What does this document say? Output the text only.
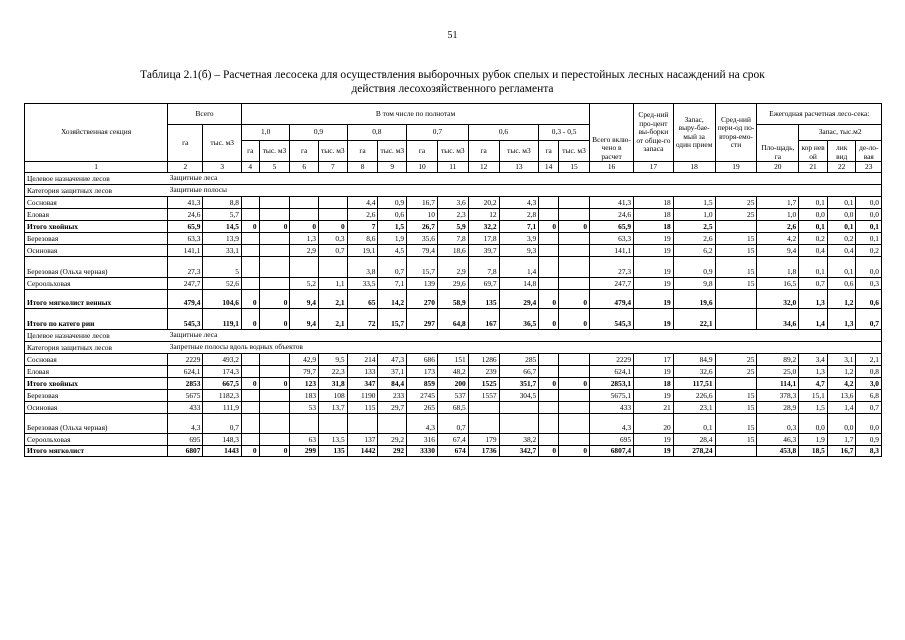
51
Таблица 2.1(б) – Расчетная лесосека для осуществления выборочных рубок спелых и перестойных лесных насаждений на срок
действия лесохозяйственного регламента
Хозяйственная секция	Всего		В том числе по полнотам												Всего вклю-чено в расчет	Сред-ний про-цент вы-борки от обще-го запаса	Запас, выру-бае-мый за один прием	Сред-ний пери-од по-вторя-емо-сти	Ежегодная расчетная лесо-сека:			
	га	тыс. м3	1,0		0,9		0,8		0,7		0,6		0,3 - 0,5						Пло-щадь, га	Запас, тыс.м2		
			га	тыс. м3	га	тыс. м3	га	тыс. м3	га	тыс. м3	га	тыс. м3	га	тыс. м3						кор нев ой	лик вид	де-ло-вая

1	2	3	4	5	6	7	8	9	10	11	12	13	14	15	16	17	18	19	20	21	22	23
Целевое назначение лесов	Защитные леса																					
Категория защитных лесов	Защитные полосы																					
Сосновая	41,3	8,8					4,4	0,9	16,7	3,6	20,2	4,3			41,3	18	1,5	25	1,7	0,1	0,1	0,0
Еловая	24,6	5,7					2,6	0,6	10	2,3	12	2,8			24,6	18	1,0	25	1,0	0,0	0,0	0,0
Итого хвойных	65,9	14,5	0	0	0	0	7	1,5	26,7	5,9	32,2	7,1	0	0	65,9	18	2,5		2,6	0,1	0,1	0,1
Березовая	63,3	13,9			1,3	0,3	8,6	1,9	35,6	7,8	17,8	3,9			63,3	19	2,6	15	4,2	0,2	0,2	0,1
Осиновая	141,1	33,1			2,9	0,7	19,1	4,5	79,4	18,6	39,7	9,3			141,1	19	6,2	15	9,4	0,4	0,4	0,2
Березовая (Ольха черная)	27,3	5					3,8	0,7	15,7	2,9	7,8	1,4			27,3	19	0,9	15	1,8	0,1	0,1	0,0
Сероольховая	247,7	52,6			5,2	1,1	33,5	7,1	139	29,6	69,7	14,8			247,7	19	9,8	15	16,5	0,7	0,6	0,3
Итого мягколист венных	479,4	104,6	0	0	9,4	2,1	65	14,2	270	58,9	135	29,4	0	0	479,4	19	19,6		32,0	1,3	1,2	0,6
Итого по катего рии	545,3	119,1	0	0	9,4	2,1	72	15,7	297	64,8	167	36,5	0	0	545,3	19	22,1		34,6	1,4	1,3	0,7
Целевое назначение лесов	Защитные леса																					
Категория защитных лесов	Запретные полосы вдоль водных объектов																					
Сосновая	2229	493,2			42,9	9,5	214	47,3	686	151	1286	285			2229	17	84,9	25	89,2	3,4	3,1	2,1
Еловая	624,1	174,3			79,7	22,3	133	37,1	173	48,2	239	66,7			624,1	19	32,6	25	25,0	1,3	1,2	0,8
Итого хвойных	2853	667,5	0	0	123	31,8	347	84,4	859	200	1525	351,7	0	0	2853,1	18	117,51		114,1	4,7	4,2	3,0
Березовая	5675	1182,3			183	108	1190	233	2745	537	1557	304,5			5675,1	19	226,6	15	378,3	15,1	13,6	6,8
Осиновая	433	111,9			53	13,7	115	29,7	265	68,5					433	21	23,1	15	28,9	1,5	1,4	0,7
Березовая (Ольха черная)	4,3	0,7							4,3	0,7					4,3	20	0,1	15	0,3	0,0	0,0	0,0
Сероольховая	695	148,3			63	13,5	137	29,2	316	67,4	179	38,2			695	19	28,4	15	46,3	1,9	1,7	0,9
Итого мягколист	6807	1443	0	0	299	135	1442	292	3330	674	1736	342,7	0	0	6807,4	19	278,24		453,8	18,5	16,7	8,3
